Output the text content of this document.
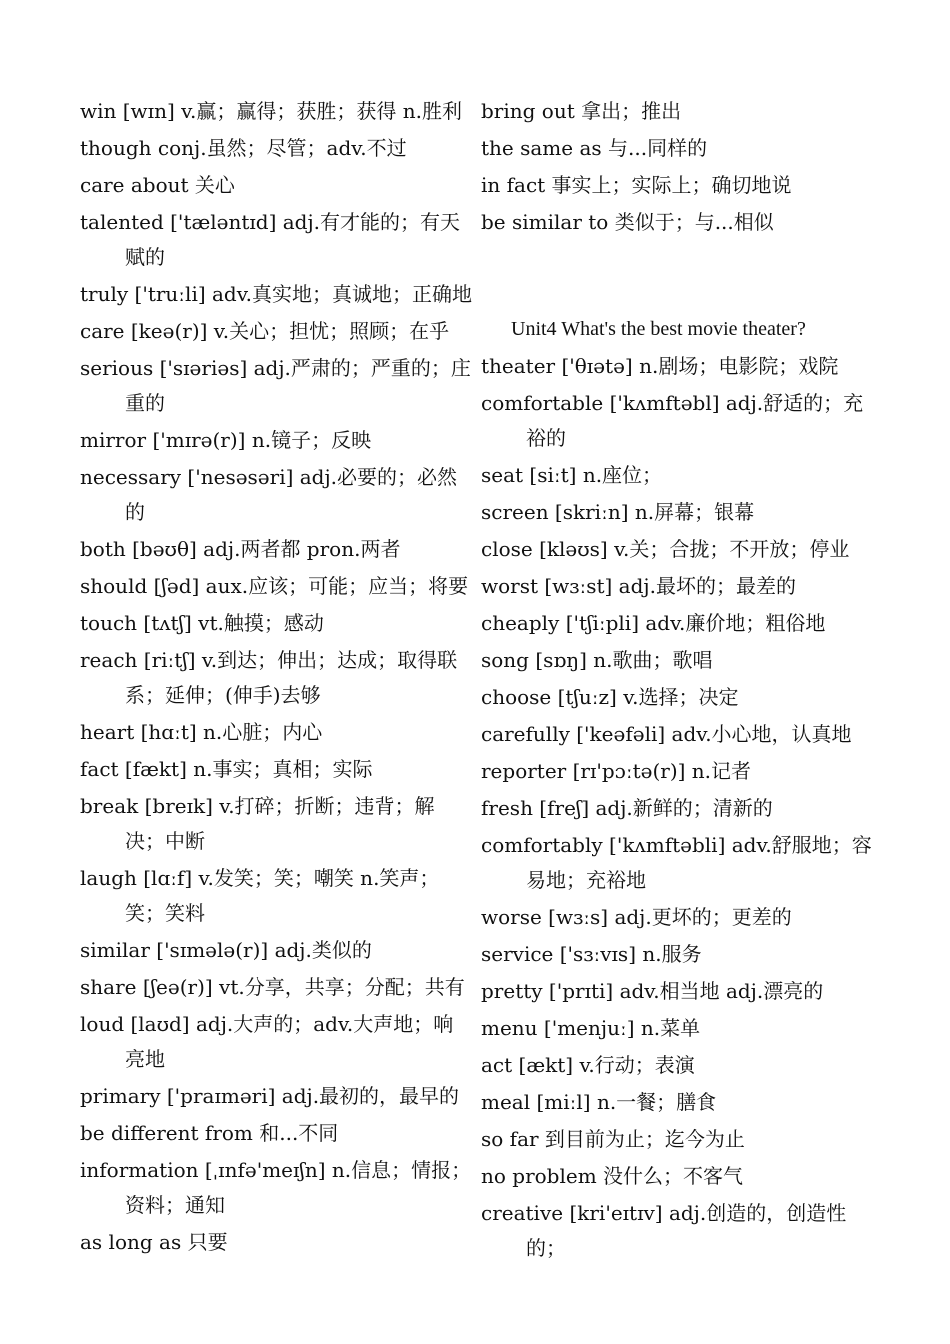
win [wɪn] v.赢；赢得；获胜；获得 n.胜利
though conj.虽然；尽管；adv.不过
care about 关心
talented ['tæləntɪd] adj.有才能的；有天赋的
truly ['truːli] adv.真实地；真诚地；正确地
care [keə(r)] v.关心；担忧；照顾；在乎
serious ['sɪəriəs] adj.严肃的；严重的；庄重的
mirror ['mɪrə(r)] n.镜子；反映
necessary ['nesəsəri] adj.必要的；必然的
both [bəʊθ] adj.两者都 pron.两者
should [ʃəd] aux.应该；可能；应当；将要
touch [tʌtʃ] vt.触摸；感动
reach [riːtʃ] v.到达；伸出；达成；取得联系；延伸；(伸手)去够
heart [hɑːt] n.心脏；内心
fact [fækt] n.事实；真相；实际
break [breɪk] v.打碎；折断；违背；解决；中断
laugh [lɑːf] v.发笑；笑；嘲笑 n.笑声；笑；笑料
similar ['sɪmələ(r)] adj.类似的
share [ʃeə(r)] vt.分享，共享；分配；共有
loud [laʊd] adj.大声的；adv.大声地；响亮地
primary ['praɪməri] adj.最初的，最早的
be different from 和...不同
information [ˌɪnfə'meɪʃn] n.信息；情报；资料；通知
as long as 只要
bring out 拿出；推出
the same as 与...同样的
in fact 事实上；实际上；确切地说
be similar to 类似于；与...相似
Unit4 What's the best movie theater?
theater ['θɪətə] n.剧场；电影院；戏院
comfortable ['kʌmftəbl] adj.舒适的；充裕的
seat [siːt] n.座位；
screen [skriːn] n.屏幕；银幕
close [kləʊs] v.关；合拢；不开放；停业
worst [wɜːst] adj.最坏的；最差的
cheaply ['tʃiːpli] adv.廉价地；粗俗地
song [sɒŋ] n.歌曲；歌唱
choose [tʃuːz] v.选择；决定
carefully ['keəfəli] adv.小心地，认真地
reporter [rɪ'pɔːtə(r)] n.记者
fresh [freʃ] adj.新鲜的；清新的
comfortably ['kʌmftəbli] adv.舒服地；容易地；充裕地
worse [wɜːs] adj.更坏的；更差的
service ['sɜːvɪs] n.服务
pretty ['prɪti] adv.相当地 adj.漂亮的
menu ['menjuː] n.菜单
act [ækt] v.行动；表演
meal [miːl] n.一餐；膳食
so far 到目前为止；迄今为止
no problem 没什么；不客气
creative [kri'eɪtɪv] adj.创造的，创造性的；
